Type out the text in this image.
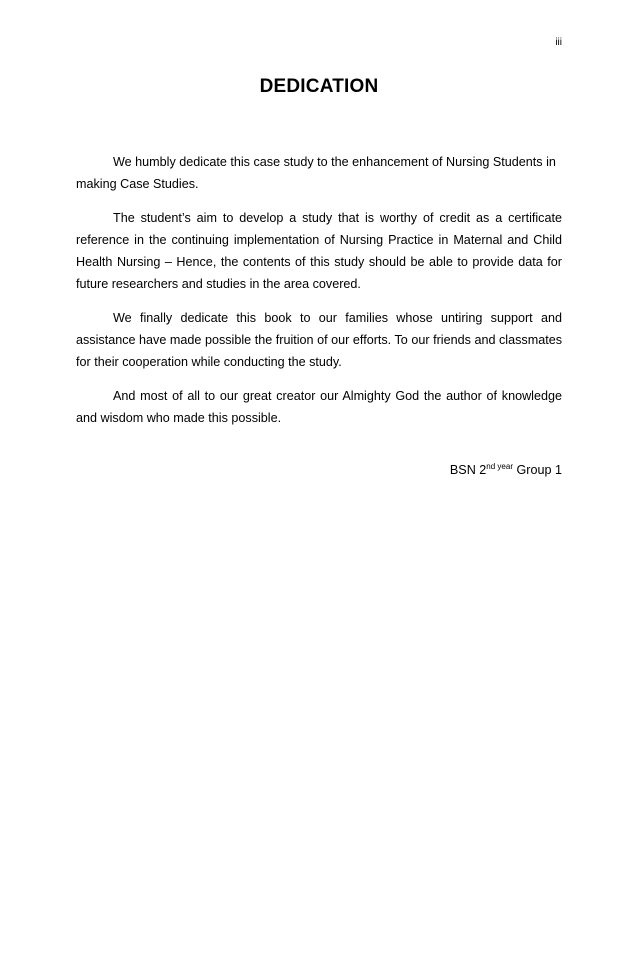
iii
DEDICATION

We humbly dedicate this case study to the enhancement of Nursing Students in making Case Studies.

The student’s aim to develop a study that is worthy of credit as a certificate reference in the continuing implementation of Nursing Practice in Maternal and Child Health Nursing – Hence, the contents of this study should be able to provide data for future researchers and studies in the area covered.

We finally dedicate this book to our families whose untiring support and assistance have made possible the fruition of our efforts. To our friends and classmates for their cooperation while conducting the study.

And most of all to our great creator our Almighty God the author of knowledge and wisdom who made this possible.

BSN $2^{nd year}$ Group 1
